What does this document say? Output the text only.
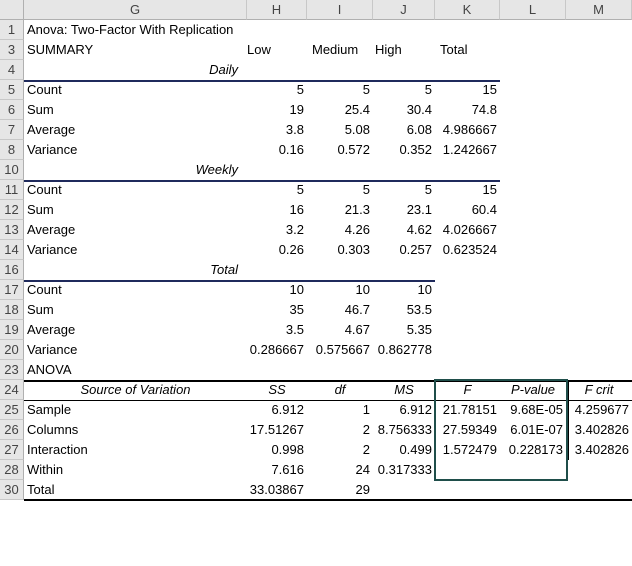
G	H	I	J	K	L	M
1
3
4
5
6
7
8
10
11
12
13
14
16
17
18
19
20
23
24
25
26
27
28
30
Anova: Two-Factor With Replication
SUMMARY	Low	Medium	High	Total
Daily
Count	5	5	5	15
Sum	19	25.4	30.4	74.8
Average	3.8	5.08	6.08 4.986667
Variance	0.16	0.572	0.352 1.242667
Weekly
Count	5	5	5	15
Sum	16	21.3	23.1	60.4
Average	3.2	4.26	4.62 4.026667
Variance	0.26	0.303	0.257 0.623524
Total
Count	10	10	10
Sum	35	46.7	53.5
Average	3.5	4.67	5.35
Variance	0.286667 0.575667 0.862778
ANOVA
Source of Variation	SS	df	MS	F	P-value	F crit
Sample	6.912	1	6.912 21.78151	9.68E-05 4.259677
Columns	17.51267	2 8.756333 27.59349	6.01E-07 3.402826
Interaction	0.998	2	0.499 1.572479 0.228173 3.402826
Within	7.616	24 0.317333
Total	33.03867	29
